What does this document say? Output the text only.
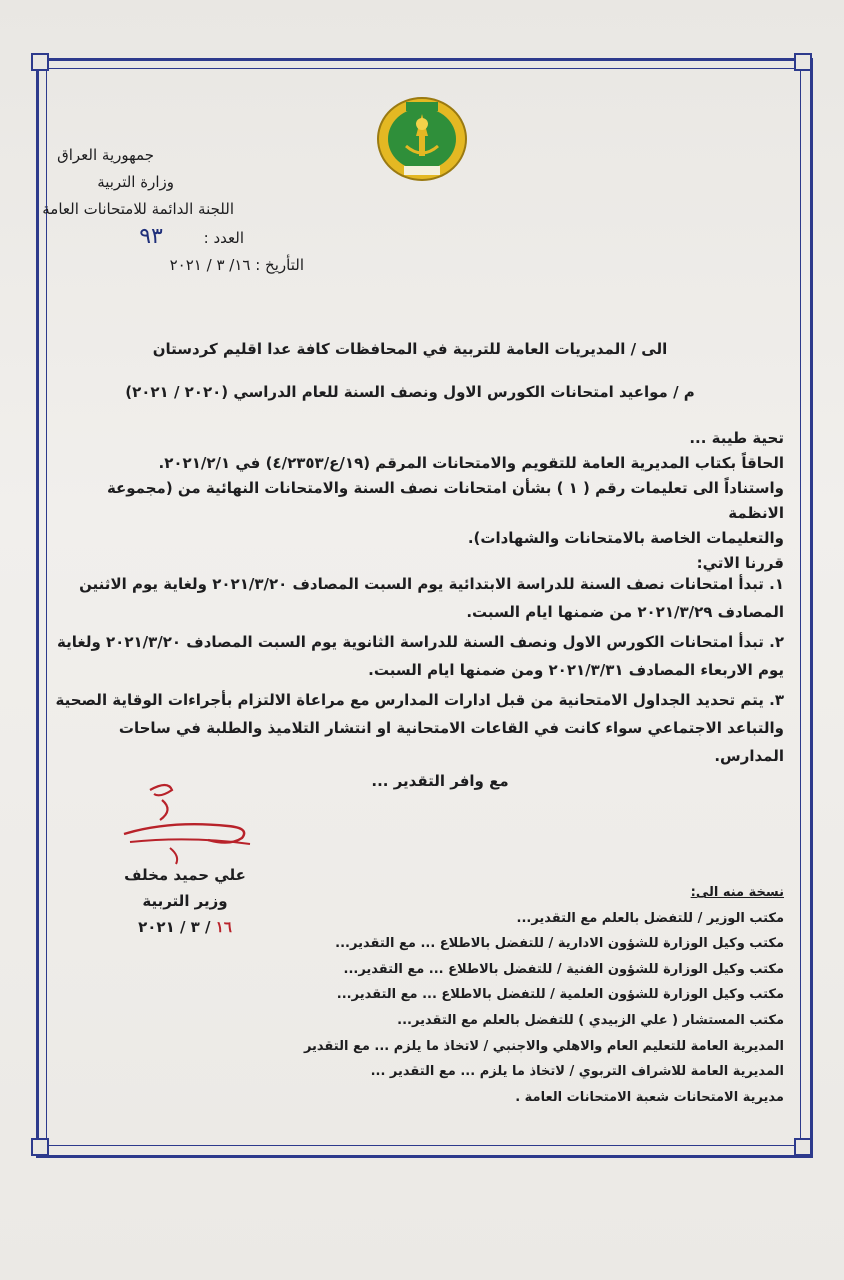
جمهورية العراق
وزارة التربية
اللجنة الدائمة للامتحانات العامة
العدد : ٩٣
التأريخ : ١٦/ ٣ / ٢٠٢١
الى / المديريات العامة للتربية في المحافظات كافة عدا اقليم كردستان
م / مواعيد امتحانات الكورس الاول ونصف السنة للعام الدراسي (٢٠٢٠ / ٢٠٢١)

تحية طيبة ...

الحاقاً بكتاب المديرية العامة للتقويم والامتحانات المرقم (١٩/ع/٤/٢٣٥٣) في ٢٠٢١/٢/١.

واستناداً الى تعليمات رقم ( ١ ) بشأن امتحانات نصف السنة والامتحانات النهائية من (مجموعة الانظمة

والتعليمات الخاصة بالامتحانات والشهادات).

قررنا الاتي:

١. تبدأ امتحانات نصف السنة للدراسة الابتدائية يوم السبت المصادف ٢٠٢١/٣/٢٠ ولغاية يوم الاثنين المصادف ٢٠٢١/٣/٢٩ من ضمنها ايام السبت.

٢. تبدأ امتحانات الكورس الاول ونصف السنة للدراسة الثانوية يوم السبت المصادف ٢٠٢١/٣/٢٠ ولغاية يوم الاربعاء المصادف ٢٠٢١/٣/٣١ ومن ضمنها ايام السبت.

٣. يتم تحديد الجداول الامتحانية من قبل ادارات المدارس مع مراعاة الالتزام بأجراءات الوقاية الصحية والتباعد الاجتماعي سواء كانت في القاعات الامتحانية او انتشار التلاميذ والطلبة في ساحات المدارس.

مع وافر التقدير ...
علي حميد مخلف
وزير التربية
١٦ / ٣ / ٢٠٢١
نسخة منه الى:
مكتب الوزير / للتفضل بالعلم مع التقدير...
مكتب وكيل الوزارة للشؤون الادارية / للتفضل بالاطلاع ... مع التقدير...
مكتب وكيل الوزارة للشؤون الفنية / للتفضل بالاطلاع ... مع التقدير...
مكتب وكيل الوزارة للشؤون العلمية / للتفضل بالاطلاع ... مع التقدير...
مكتب المستشار ( علي الزبيدي ) للتفضل بالعلم مع التقدير...
المديرية العامة للتعليم العام والاهلي والاجنبي / لاتخاذ ما يلزم ... مع التقدير
المديرية العامة للاشراف التربوي / لاتخاذ ما يلزم ... مع التقدير ...
مديرية الامتحانات شعبة الامتحانات العامة .
